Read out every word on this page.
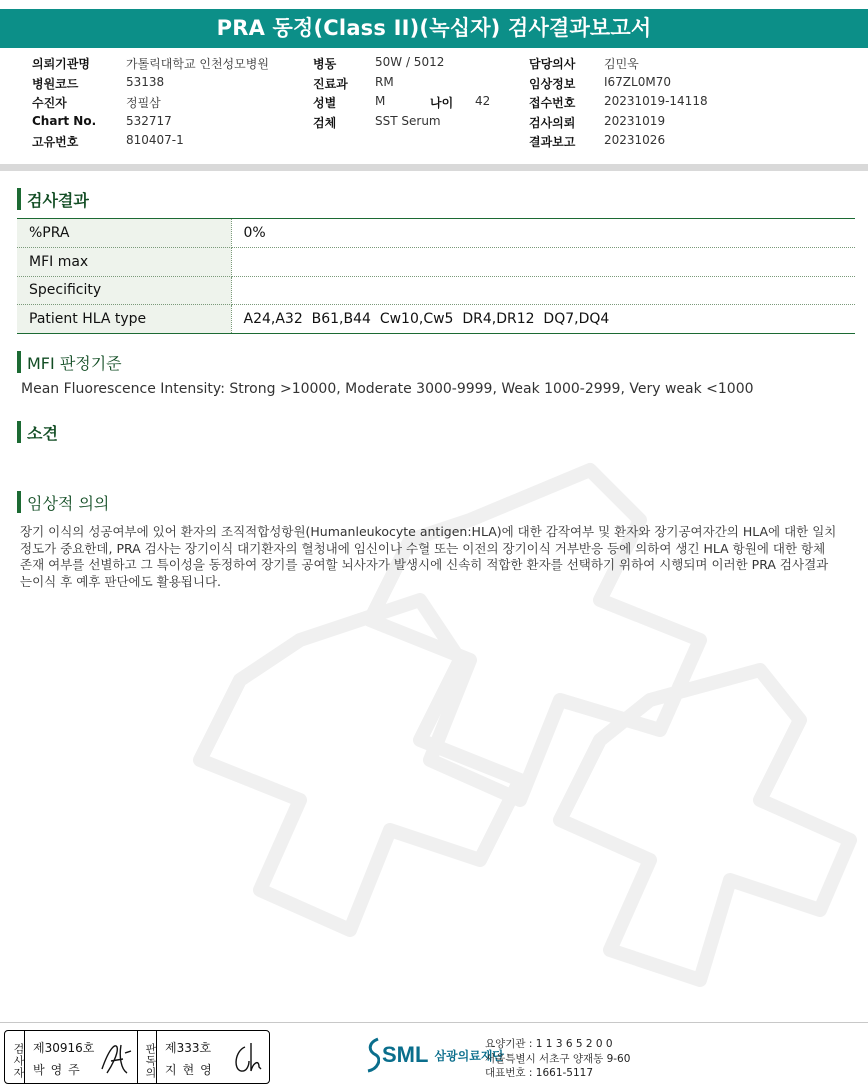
PRA 동정(Class II)(녹십자) 검사결과보고서
의뢰기관명	가톨릭대학교 인천성모병원
병원코드	53138
수진자	정필삼
Chart No. 532717
고유번호	810407-1
병동	50W / 5012
진료과 RM
성별	M	나이 42
검체	SST Serum
담당의사 김민욱
임상정보 I67ZL0M70
접수번호 20231019-14118
검사의뢰 20231019
결과보고 20231026
검사결과
%PRA	0%
MFI max	
Specificity	
Patient HLA type	A24,A32  B61,B44  Cw10,Cw5  DR4,DR12  DQ7,DQ4
MFI 판정기준
Mean Fluorescence Intensity: Strong >10000, Moderate 3000-9999, Weak 1000-2999, Very weak <1000
소견
임상적 의의
장기 이식의 성공여부에 있어 환자의 조직적합성항원(Humanleukocyte antigen:HLA)에 대한 감작여부 및 환자와 장기공여자간의 HLA에 대한 일치정도가 중요한데, PRA 검사는 장기이식 대기환자의 혈청내에 임신이나 수혈 또는 이전의 장기이식 거부반응 등에 의하여 생긴 HLA 항원에 대한 항체 존재 여부를 선별하고 그 특이성을 동정하여 장기를 공여할 뇌사자가 발생시에 신속히 적합한 환자를 선택하기 위하여 시행되며 이러한 PRA 검사결과는이식 후 예후 판단에도 활용됩니다.
검사자 제30916호
박영주	판독의 제333호
지현영
SML 삼광의료재단
요양기관 : 1 1 3 6 5 2 0 0
서울특별시 서초구 양재동 9-60
대표번호 : 1661-5117
